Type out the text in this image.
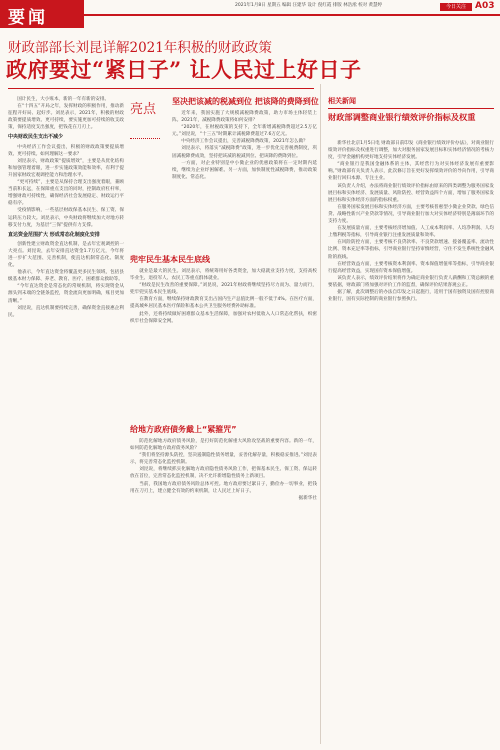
要闻
2021年1月8日 星期五 编辑 汪建华 设计 倪红霞 排版 林浩淞 校对 黄慧婷	今日关注	A03
财政部部长刘昆详解2021年积极的财政政策
政府要过“紧日子” 让人民过上好日子

国计民生，大小账本，新的一年有新的安排。

在“十四五”开局之年，发挥财政的积极作用，推动新征程开好局、起好步。刘昆表示，2021年，积极的财政政策要提质增效、更可持续，要实施更加可持续的收支政策，保持适度支出强度，把钱花在刀刃上。

中央财政民生支出不减少

中央经济工作会议提出，积极的财政政策要提质增效、更可持续。如何理解这一要求？

刘昆表示，财政政策“提质增效”，主要是从优化结构和加强管理着眼，进一步实施政策效能和效率，有利于提升国家财政宏观调控能力和治理水平。

“更可持续”，主要是从保持合理支出强度着眼，兼顾当前和长远，在保障重点支出的同时，控制政府杠杆率，增强财政可持续性，确保经济社会发展稳定、财政运行平稳有序。

受疫情影响，一些基层财政保基本民生、保工资、保运转压力较大。刘昆表示，中央财政将继续加大对地方转移支付力度，为基层“三保”提供有力支撑。

直达资金范围扩大 形成常态化制度化安排

创新性建立财政资金直达机制，是去年宏观调控的一大亮点。刘昆说，去年安排直达资金1.7万亿元，今年将进一步扩大范围、完善机制，使直达机制常态化、制度化。

他表示，今年直达资金将覆盖更多民生领域，包括县级基本财力保障、养老、教育、医疗、困难群众救助等。

“今年直达资金是常态化的常规机制，将实现资金从源头到末端的全链条监控，资金流向更加明确，账目更加清晰。”

刘昆说，直达机制要持续完善，确保资金直接惠企利民。

亮点
坚决把该减的税减到位 把该降的费降到位

近年来，我国实施了大规模减税降费政策，助力市场主体轻装上阵。2021年，减税降费政策将如何安排？

“2020年，在财税政策的支持下，全年新增减税降费超过2.5万亿元。”刘昆说，“十三五”时期累计减税降费超过7.6万亿元。

中央经济工作会议提出，完善减税降费政策，2021年怎么做？

刘昆表示，将落实“减税降费”政策，进一步优化完善税费制度，巩固减税降费成效，坚持把该减的税减到位、把该降的费降到位。

一方面，对企业特别是中小微企业的优惠政策将在一定时期内延续，继续为企业纾困解难。另一方面，加快制度性减税降费，推动政策制度化、常态化。

兜牢民生基本民生底线

就业是最大的民生。刘昆表示，将统筹用好各类资金，加大稳就业支持力度，支持高校毕业生、退役军人、农民工等重点群体就业。

“财政是民生改善的重要保障。”刘昆说，2021年财政将继续坚持尽力而为、量力而行，兜牢兜实基本民生底线。

在教育方面，继续保持财政教育支出占国内生产总值比例一般不低于4%。在医疗方面，提高城乡居民基本医疗保险和基本公共卫生服务经费补助标准。

此外，还将持续做好困难群众基本生活保障，加强对农村低收入人口常态化帮扶，织密织牢社会保障安全网。

给地方政府债务戴上“紧箍咒”

防范化解地方政府债务风险，是打好防范化解重大风险攻坚战的重要内容。新的一年，如何防范化解地方政府债务风险？

“我们将坚持源头防控，坚决遏制隐性债务增量，妥善化解存量，积极稳妥推进。”刘昆表示，将完善常态化监控机制。

刘昆说，将继续抓实化解地方政府隐性债务风险工作，把保基本民生、保工资、保运转放在首位，完善常态化监控机制，决不允许新增隐性债务上新项目。

当前，我国地方政府债务风险总体可控。地方政府要过紧日子，勤俭办一切事业，把钱用在刀刃上，建立健全有效的约束机制，让人民过上好日子。

据新华社

相关新闻
财政部调整商业银行绩效评价指标及权重

新华社北京1月5日电 财政部日前印发《商业银行绩效评价办法》，对商业银行绩效评价指标及权重进行调整，加大对服务国家发展目标和实体经济情况的考核力度，引导金融机构更好地支持实体经济发展。

“商业银行是我国金融体系的主体，其经营行为对实体经济发展有重要影响。”财政部有关负责人表示，此次修订旨在更好发挥绩效评价的导向作用，引导商业银行回归本源、专注主业。

该负责人介绍，办法将商业银行绩效评价指标由原来的四类调整为服务国家发展目标和实体经济、发展质量、风险防控、经营效益四个方面，增加了服务国家发展目标和实体经济方面的指标权重。

在服务国家发展目标和实体经济方面，主要考核普惠型小微企业贷款、绿色信贷、战略性新兴产业贷款等情况，引导商业银行加大对实体经济特别是薄弱环节的支持力度。

在发展质量方面，主要考核经济增加值、人工成本利润率、人均净利润、人均上缴利税等指标，引导商业银行注重发展质量和效率。

在风险防控方面，主要考核不良贷款率、不良贷款增速、拨备覆盖率、流动性比例、资本充足率等指标，引导商业银行坚持审慎经营，守住不发生系统性金融风险的底线。

在经营效益方面，主要考核资本利润率、资本保值增值率等指标，引导商业银行提高经营效益，实现国有资本保值增值。

该负责人表示，绩效评价结果将作为确定商业银行负责人薪酬和工资总额的重要依据，财政部门将加强对评价工作的监督，确保评价结果客观公正。

据了解，此次调整后的办法自印发之日起施行，适用于国有独资及国有控股商业银行，国有实际控制的商业银行参照执行。
